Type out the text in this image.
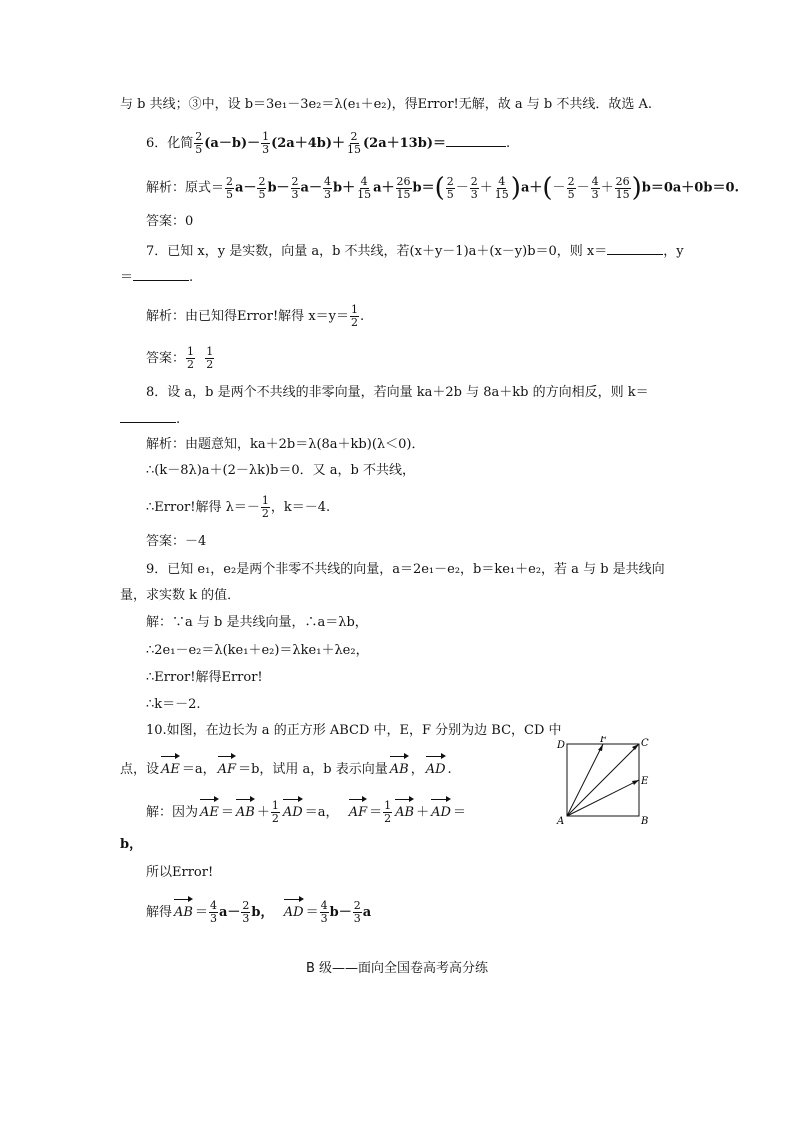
与 b 共线；③中，设 b＝3e₁－3e₂＝λ(e₁＋e₂)，得Error!无解，故 a 与 b 不共线．故选 A.
6．化简 $\frac{2}{5} (a-b)- \frac{1}{3} (2a+4b)+ \frac{2}{15} (2a+13b)=$	.
解析：原式＝ $\frac{2}{5} a- \frac{2}{5} b- \frac{2}{3} a- \frac{4}{3} b+ \frac{4}{15} a+ \frac{26}{15} b=( \frac{2}{5} - \frac{2}{3} + \frac{4}{15} )a+(- \frac{2}{5} - \frac{4}{3} + \frac{26}{15} )b=0a+0b=0$.
答案：0
7．已知 x，y 是实数，向量 a，b 不共线，若(x＋y－1)a＋(x－y)b＝0，则 x＝	，y
＝	.
解析：由已知得Error!解得 $x=y= \frac{1}{2}$ .
答案： $\frac{1}{2}$
$\frac{1}{2}$
8．设 a，b 是两个不共线的非零向量，若向量 ka＋2b 与 8a＋kb 的方向相反，则 k＝
.
解析：由题意知，ka＋2b＝λ(8a＋kb)(λ＜0)．
∴(k－8λ)a＋(2－λk)b＝0．又 a，b 不共线，
∴Error!解得 $\lambda=- \frac{1}{2}$ ，k＝－4.
答案：－4
9．已知 e₁，e₂是两个非零不共线的向量，a＝2e₁－e₂，b＝ke₁＋e₂，若 a 与 b 是共线向
量，求实数 k 的值．
解：∵a 与 b 是共线向量，∴a＝λb，
∴2e₁－e₂＝λ(ke₁＋e₂)＝λke₁＋λe₂，
∴Error!解得Error!
∴k＝－2.
10.如图，在边长为 a 的正方形 ABCD 中，E，F 分别为边 BC，CD 中
点，设 AE ＝a， AF ＝b，试用 a，b 表示向量 AB ， AD .
解：因为 AE ＝ AB ＋ $\frac{1}{2}$ AD ＝a， AF ＝ $\frac{1}{2}$ AB ＋ AD ＝
b，
所以Error!
解得 AB ＝ $\frac{4}{3} a- \frac{2}{3}$ b， AD ＝ $\frac{4}{3} b- \frac{2}{3}$ a
A	B
C
D
E
F
B 级——面向全国卷高考高分练
